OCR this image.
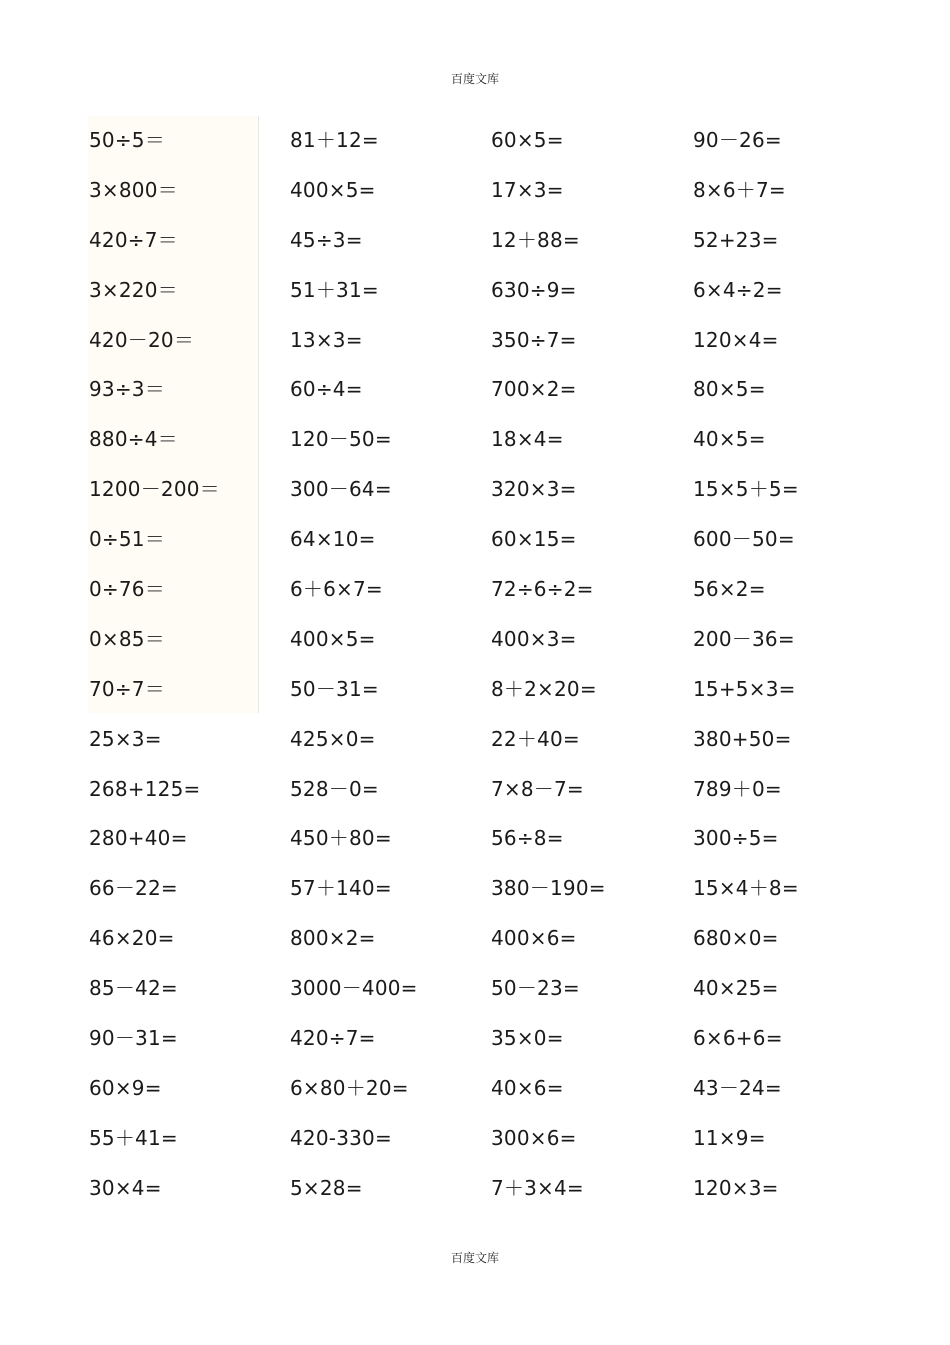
百度文库
50÷5＝	81＋12=	60×5=	90－26=
3×800＝	400×5=	17×3=	8×6＋7=
420÷7＝	45÷3=	12＋88=	52+23=
3×220＝	51＋31=	630÷9=	6×4÷2=
420－20＝	13×3=	350÷7=	120×4=
93÷3＝	60÷4=	700×2=	80×5=
880÷4＝	120－50=	18×4=	40×5=
1200－200＝	300－64=	320×3=	15×5＋5=
0÷51＝	64×10=	60×15=	600－50=
0÷76＝	6＋6×7=	72÷6÷2=	56×2=
0×85＝	400×5=	400×3=	200－36=
70÷7＝	50－31=	8＋2×20=	15+5×3=
25×3=	425×0=	22＋40=	380+50=
268+125=	528－0=	7×8－7=	789＋0=
280+40=	450＋80=	56÷8=	300÷5=
66－22=	57＋140=	380－190=	15×4＋8=
46×20=	800×2=	400×6=	680×0=
85－42=	3000－400=	50－23=	40×25=
90－31=	420÷7=	35×0=	6×6+6=
60×9=	6×80＋20=	40×6=	43－24=
55＋41=	420-330=	300×6=	11×9=
30×4=	5×28=	7＋3×4=	120×3=
百度文库
